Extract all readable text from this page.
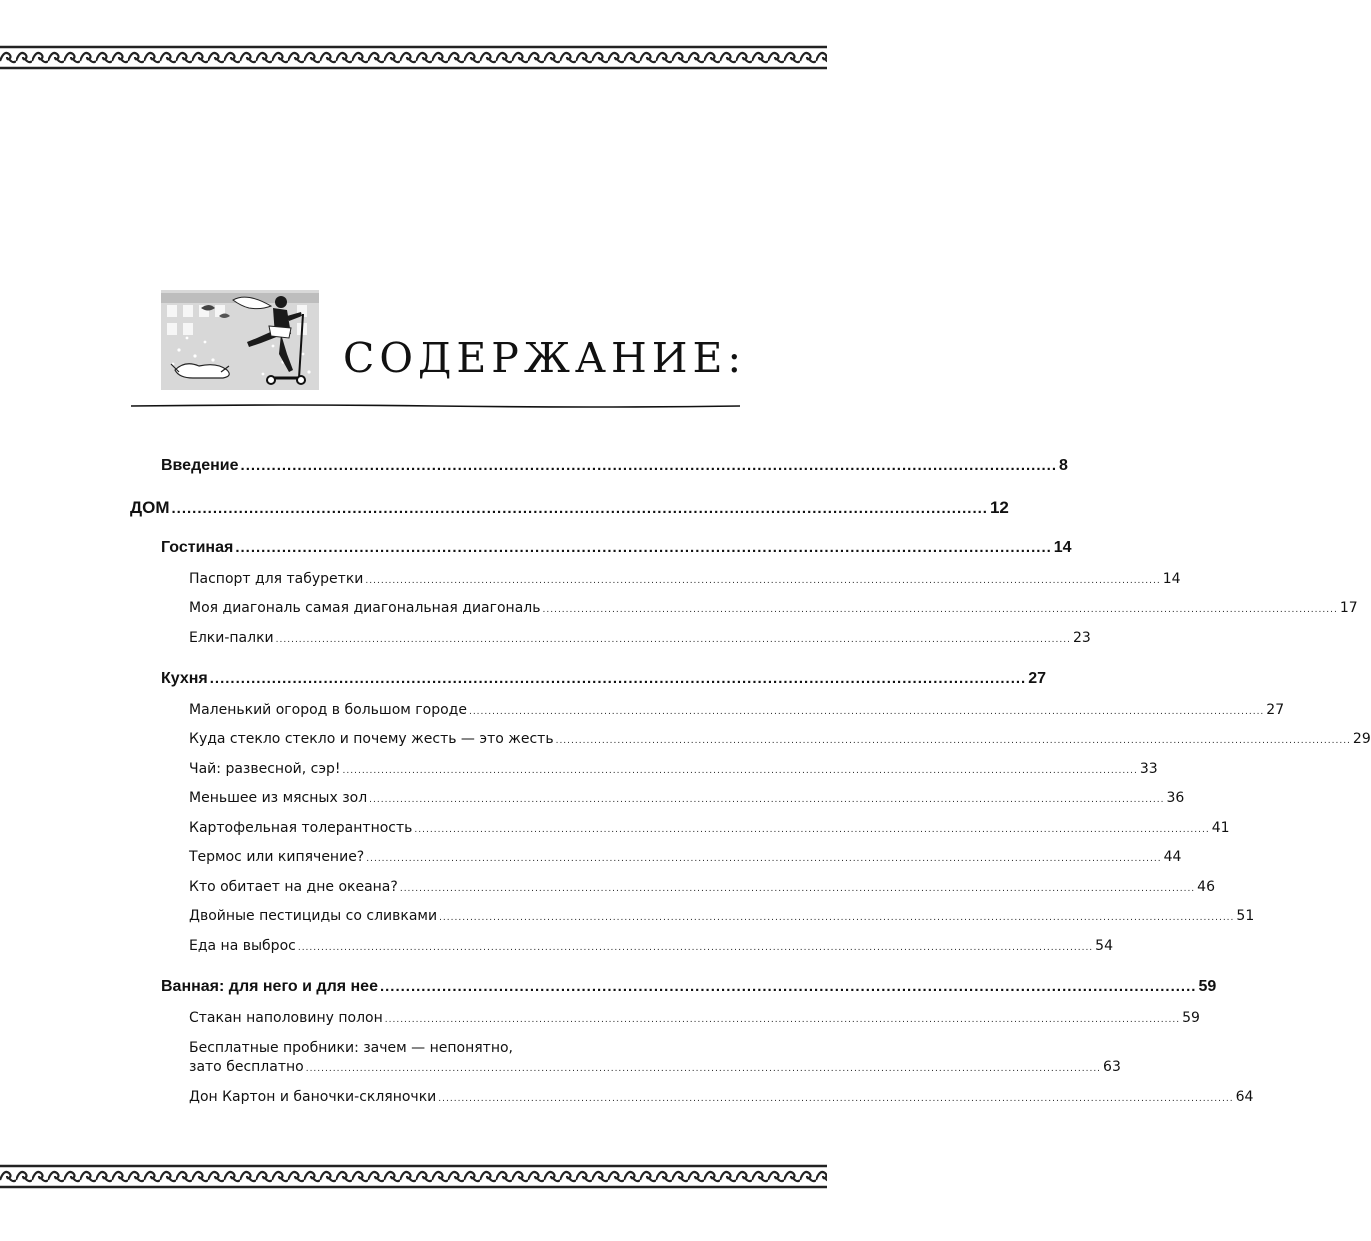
СОДЕРЖАНИЕ:
Введение .............................................................................................................................................................. 8
ДОМ .............................................................................................................................................................. 12
Гостиная .............................................................................................................................................................. 14
Паспорт для табуретки .............................................................................................................................................................................................................. 14
Моя диагональ самая диагональная диагональ .............................................................................................................................................................................................................. 17
Елки-палки .............................................................................................................................................................................................................. 23
Кухня .............................................................................................................................................................. 27
Маленький огород в большом городе .............................................................................................................................................................................................................. 27
Куда стекло стекло и почему жесть — это жесть .............................................................................................................................................................................................................. 29
Чай: развесной, сэр! .............................................................................................................................................................................................................. 33
Меньшее из мясных зол .............................................................................................................................................................................................................. 36
Картофельная толерантность .............................................................................................................................................................................................................. 41
Термос или кипячение? .............................................................................................................................................................................................................. 44
Кто обитает на дне океана? .............................................................................................................................................................................................................. 46
Двойные пестициды со сливками .............................................................................................................................................................................................................. 51
Еда на выброс .............................................................................................................................................................................................................. 54
Ванная: для него и для нее .............................................................................................................................................................. 59
Стакан наполовину полон .............................................................................................................................................................................................................. 59
Бесплатные пробники: зачем — непонятно,
зато бесплатно .............................................................................................................................................................................................................. 63
Дон Картон и баночки-скляночки .............................................................................................................................................................................................................. 64
